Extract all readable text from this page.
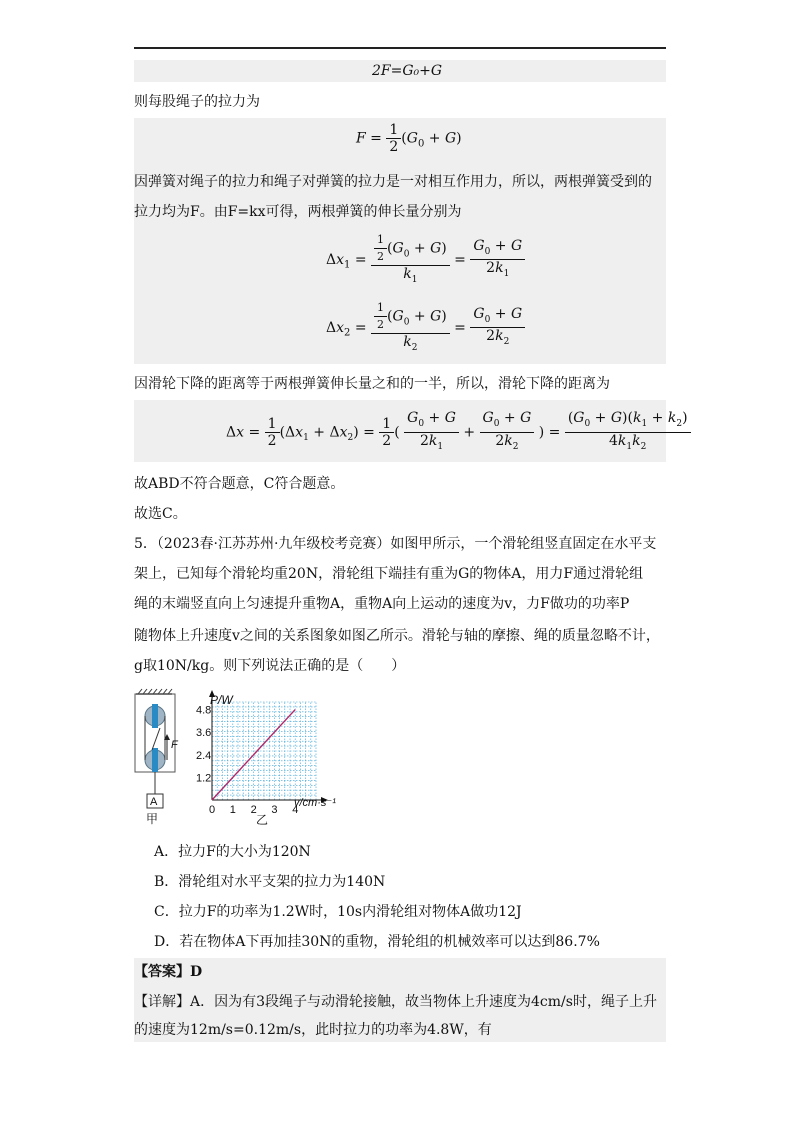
2F=G₀+G
则每股绳子的拉力为
$F = \frac{1}{2} (G_0 + G)$
因弹簧对绳子的拉力和绳子对弹簧的拉力是一对相互作用力，所以，两根弹簧受到的
拉力均为F。由F=kx可得，两根弹簧的伸长量分别为
$\Delta x_1 = \frac{\frac{1}{2} (G_0 + G)}{k_1} = \frac{G_0 + G}{2k_1}$
$\Delta x_2 = \frac{\frac{1}{2} (G_0 + G)}{k_2} = \frac{G_0 + G}{2k_2}$
因滑轮下降的距离等于两根弹簧伸长量之和的一半，所以，滑轮下降的距离为
$\Delta x = \frac{1}{2} (\Delta x_1 + \Delta x_2) = \frac{1}{2}$ ( $\frac{G_0 + G}{2k_1} + \frac{G_0 + G}{2k_2}$ ) = $\frac{(G_0 + G)(k_1 + k_2)}{4k_1k_2}$
故ABD不符合题意，C符合题意。
故选C。
5．（2023春·江苏苏州·九年级校考竞赛）如图甲所示，一个滑轮组竖直固定在水平支
架上，已知每个滑轮均重20N，滑轮组下端挂有重为G的物体A，用力F通过滑轮组
绳的末端竖直向上匀速提升重物A，重物A向上运动的速度为v，力F做功的功率P
随物体上升速度v之间的关系图象如图乙所示。滑轮与轴的摩擦、绳的质量忽略不计，
g取10N/kg。则下列说法正确的是（　　）
F
A
甲
0 1 2 3 4
1.2
2.4
3.6
4.8
P/W
v/cm·s⁻¹
乙
A．拉力F的大小为120N
B．滑轮组对水平支架的拉力为140N
C．拉力F的功率为1.2W时，10s内滑轮组对物体A做功12J
D．若在物体A下再加挂30N的重物，滑轮组的机械效率可以达到86.7%
【答案】D
【详解】A．因为有3段绳子与动滑轮接触，故当物体上升速度为4cm/s时，绳子上升
的速度为12m/s=0.12m/s，此时拉力的功率为4.8W，有
